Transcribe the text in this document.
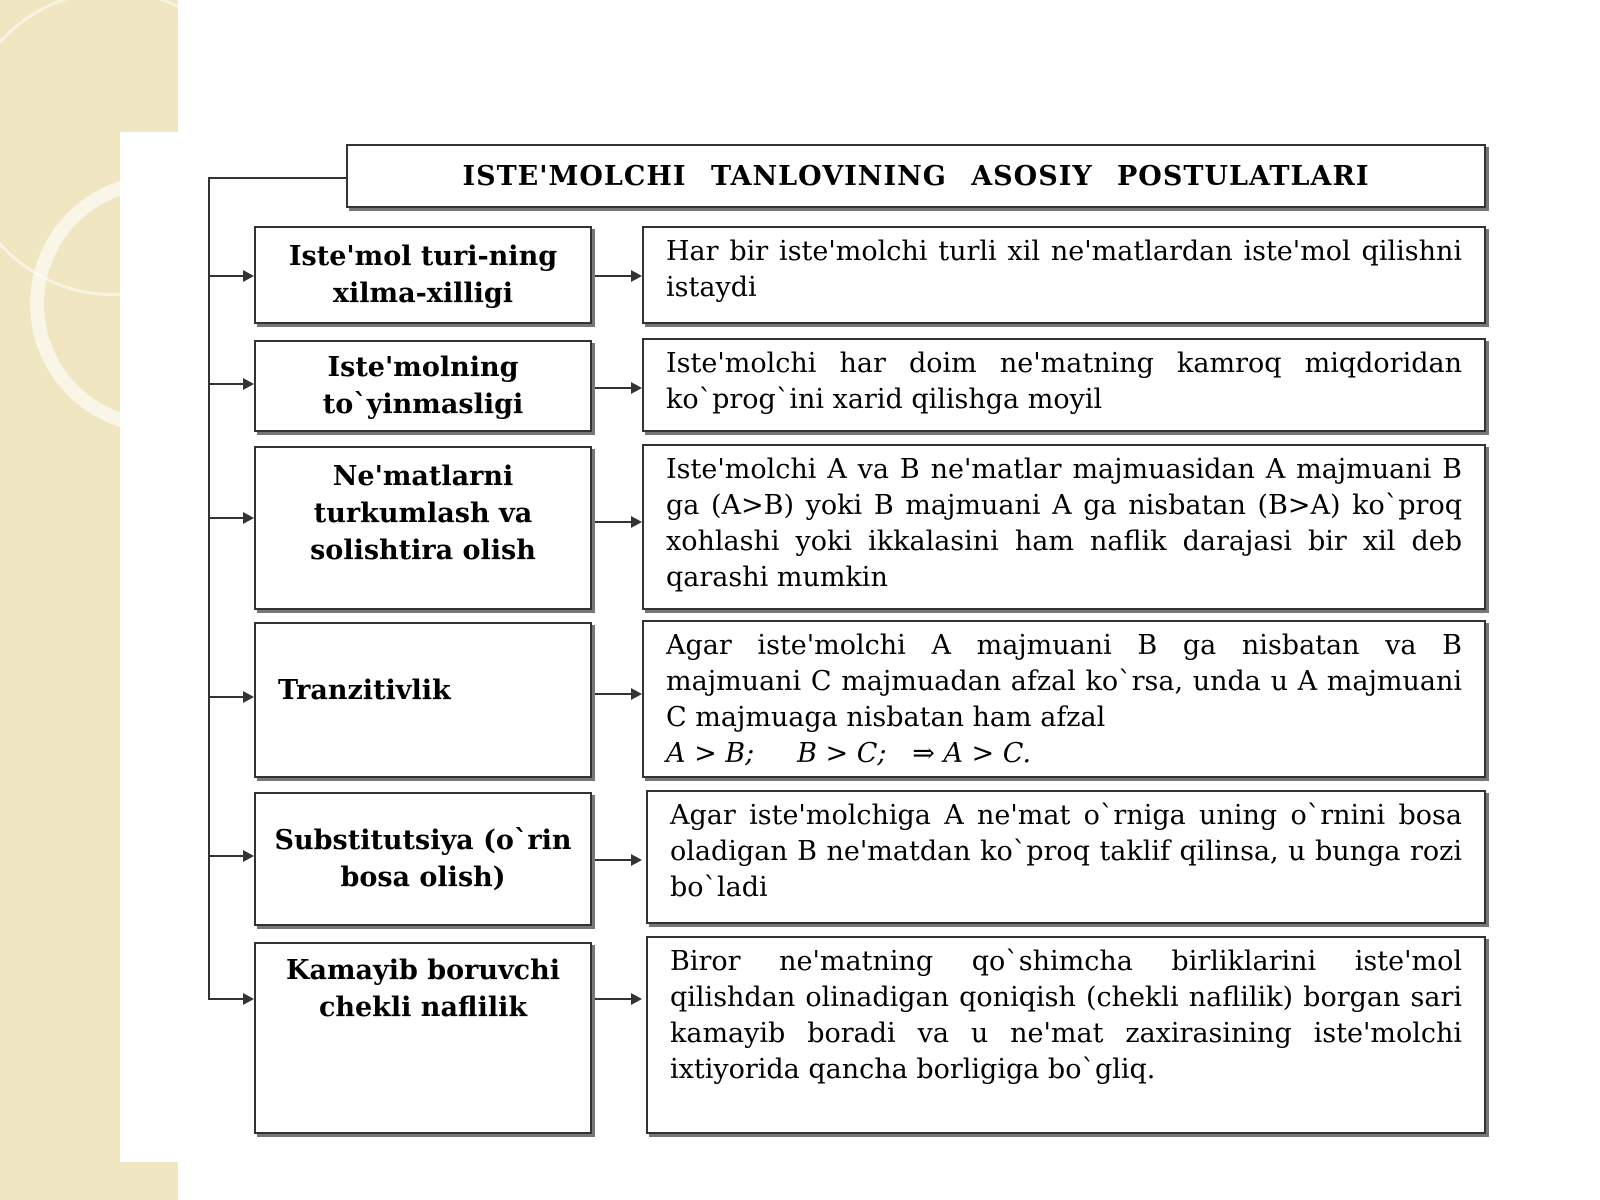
ISTE'MOLCHI TANLOVINING ASOSIY POSTULATLARI
Iste'mol turi-ning xilma-xilligi
Har bir iste'molchi turli xil ne'matlardan iste'mol qilishni istaydi
Iste'molning to`yinmasligi
Iste'molchi har doim ne'matning kamroq miqdoridan ko`prog`ini xarid qilishga moyil
Ne'matlarni turkumlash va solishtira olish
Iste'molchi A va B ne'matlar majmuasidan A majmuani B ga (A>B) yoki B majmuani A ga nisbatan (B>A) ko`proq xohlashi yoki ikkalasini ham naflik darajasi bir xil deb qarashi mumkin
Tranzitivlik
Agar iste'molchi A majmuani B ga nisbatan va B majmuani C majmuadan afzal ko`rsa, unda u A majmuani C majmuaga nisbatan ham afzal
A > B;     B > C;   ⇒ A > C.
Substitutsiya (o`rin bosa olish)
Agar iste'molchiga A ne'mat o`rniga uning o`rnini bosa oladigan B ne'matdan ko`proq taklif qilinsa, u bunga rozi bo`ladi
Kamayib boruvchi chekli naflilik
Biror ne'matning qo`shimcha birliklarini iste'mol qilishdan olinadigan qoniqish (chekli naflilik) borgan sari kamayib boradi va u ne'mat zaxirasining iste'molchi ixtiyorida qancha borligiga bo`gliq.
